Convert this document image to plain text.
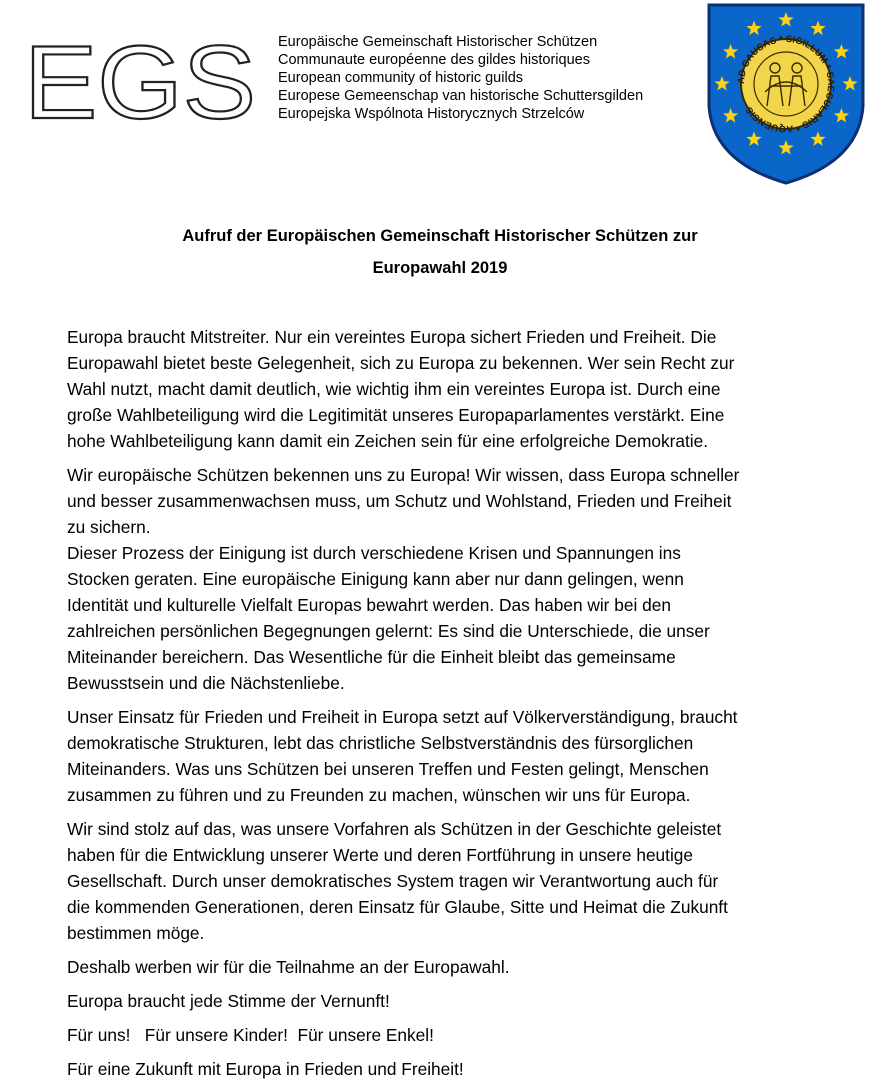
EGS Europäische Gemeinschaft Historischer Schützen
Communaute européenne des gildes historiques
European community of historic guilds
Europese Gemeenschap van historische Schuttersgilden
Europejska Wspólnota Historycznych Strzelców
AD CAUSAS * SIGILLUM * SAECULARIS * AQUENSIS
Aufruf der Europäischen Gemeinschaft Historischer Schützen zur
Europawahl 2019

Europa braucht Mitstreiter. Nur ein vereintes Europa sichert Frieden und Freiheit. Die
Europawahl bietet beste Gelegenheit, sich zu Europa zu bekennen. Wer sein Recht zur
Wahl nutzt, macht damit deutlich, wie wichtig ihm ein vereintes Europa ist. Durch eine
große Wahlbeteiligung wird die Legitimität unseres Europaparlamentes verstärkt. Eine
hohe Wahlbeteiligung kann damit ein Zeichen sein für eine erfolgreiche Demokratie.

Wir europäische Schützen bekennen uns zu Europa! Wir wissen, dass Europa schneller
und besser zusammenwachsen muss, um Schutz und Wohlstand, Frieden und Freiheit
zu sichern.

Dieser Prozess der Einigung ist durch verschiedene Krisen und Spannungen ins
Stocken geraten. Eine europäische Einigung kann aber nur dann gelingen, wenn
Identität und kulturelle Vielfalt Europas bewahrt werden. Das haben wir bei den
zahlreichen persönlichen Begegnungen gelernt: Es sind die Unterschiede, die unser
Miteinander bereichern. Das Wesentliche für die Einheit bleibt das gemeinsame
Bewusstsein und die Nächstenliebe.

Unser Einsatz für Frieden und Freiheit in Europa setzt auf Völkerverständigung, braucht
demokratische Strukturen, lebt das christliche Selbstverständnis des fürsorglichen
Miteinanders. Was uns Schützen bei unseren Treffen und Festen gelingt, Menschen
zusammen zu führen und zu Freunden zu machen, wünschen wir uns für Europa.

Wir sind stolz auf das, was unsere Vorfahren als Schützen in der Geschichte geleistet
haben für die Entwicklung unserer Werte und deren Fortführung in unsere heutige
Gesellschaft. Durch unser demokratisches System tragen wir Verantwortung auch für
die kommenden Generationen, deren Einsatz für Glaube, Sitte und Heimat die Zukunft
bestimmen möge.

Deshalb werben wir für die Teilnahme an der Europawahl.

Europa braucht jede Stimme der Vernunft!

Für uns!   Für unsere Kinder!  Für unsere Enkel!

Für eine Zukunft mit Europa in Frieden und Freiheit!
